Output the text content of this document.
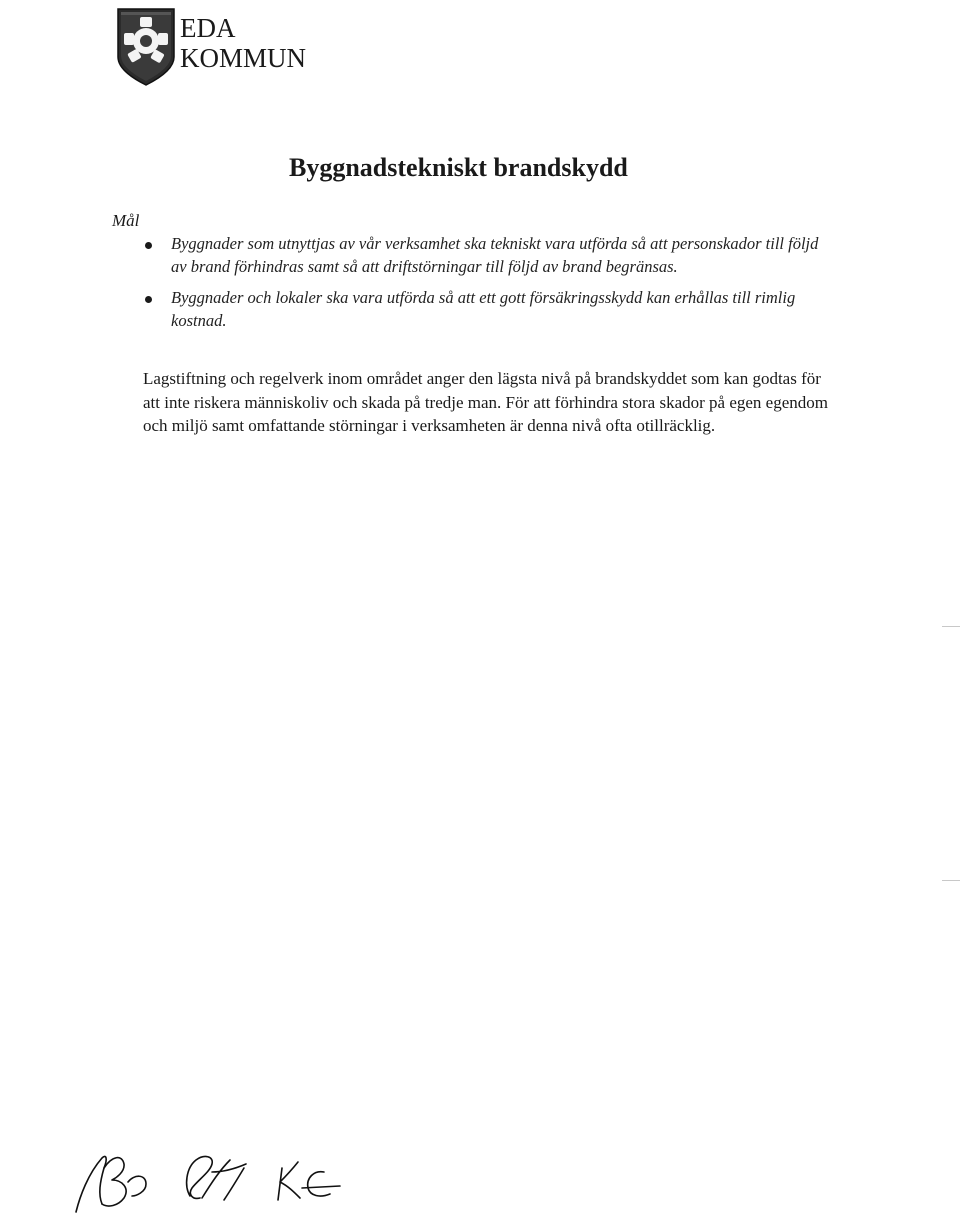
EDA
KOMMUN
Byggnadstekniskt brandskydd
Mål
Byggnader som utnyttjas av vår verksamhet ska tekniskt vara utförda så att personskador till följd av brand förhindras samt så att driftstörningar till följd av brand begränsas.
Byggnader och lokaler ska vara utförda så att ett gott försäkringsskydd kan erhållas till rimlig kostnad.

Lagstiftning och regelverk inom området anger den lägsta nivå på brandskyddet som kan godtas för att inte riskera människoliv och skada på tredje man. För att förhindra stora skador på egen egendom och miljö samt omfattande störningar i verksamheten är denna nivå ofta otillräcklig.
